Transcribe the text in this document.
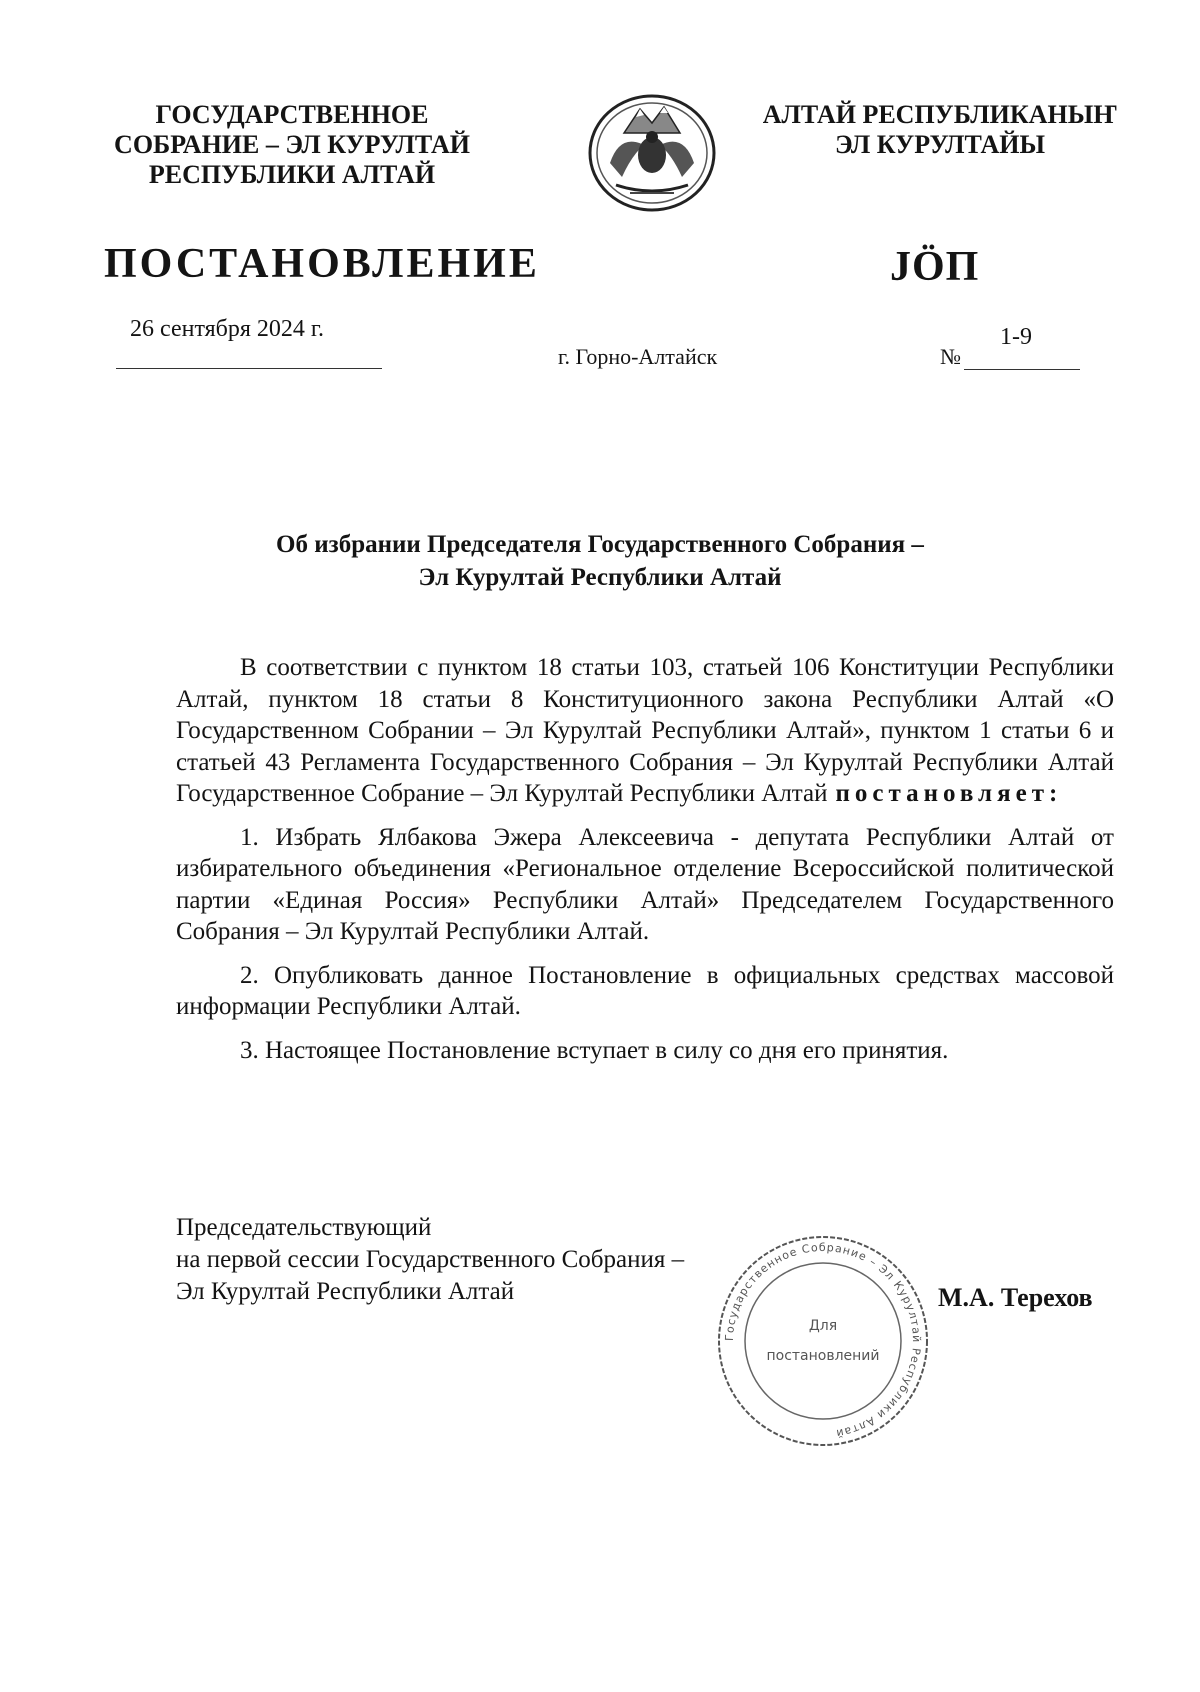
ГОСУДАРСТВЕННОЕ
СОБРАНИЕ – ЭЛ КУРУЛТАЙ
РЕСПУБЛИКИ АЛТАЙ
АЛТАЙ РЕСПУБЛИКАНЫҤ
ЭЛ КУРУЛТАЙЫ
ПОСТАНОВЛЕНИЕ	JӦП
26 сентября 2024 г.
г. Горно-Алтайск	№
1-9
Об избрании Председателя Государственного Собрания –
Эл Курултай Республики Алтай

В соответствии с пунктом 18 статьи 103, статьей 106 Конституции Республики Алтай, пунктом 18 статьи 8 Конституционного закона Республики Алтай «О Государственном Собрании – Эл Курултай Республики Алтай», пунктом 1 статьи 6 и статьей 43 Регламента Государственного Собрания – Эл Курултай Республики Алтай Государственное Собрание – Эл Курултай Республики Алтай постановляет:

1. Избрать Ялбакова Эжера Алексеевича - депутата Республики Алтай от избирательного объединения «Региональное отделение Всероссийской политической партии «Единая Россия» Республики Алтай» Председателем Государственного Собрания – Эл Курултай Республики Алтай.

2. Опубликовать данное Постановление в официальных средствах массовой информации Республики Алтай.

3. Настоящее Постановление вступает в силу со дня его принятия.

Председательствующий
на первой сессии Государственного Собрания –
Эл Курултай Республики Алтай
Государственное Собрание – Эл Курултай Республики Алтай
Для
постановлений
М.А. Терехов
